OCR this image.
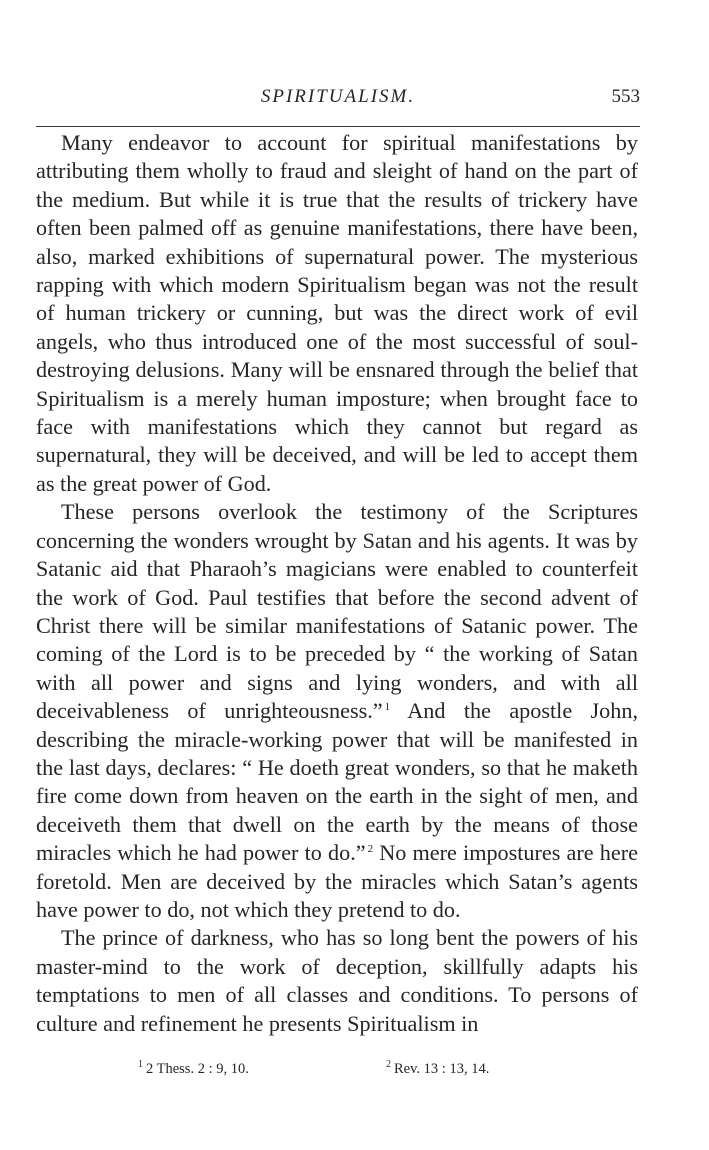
SPIRITUALISM.	553

Many endeavor to account for spiritual manifestations by attributing them wholly to fraud and sleight of hand on the part of the medium. But while it is true that the results of trickery have often been palmed off as genuine manifestations, there have been, also, marked exhibitions of supernatural power. The mysterious rapping with which modern Spiritualism began was not the result of human trickery or cunning, but was the direct work of evil angels, who thus introduced one of the most successful of soul-destroying delusions. Many will be ensnared through the belief that Spiritualism is a merely human imposture; when brought face to face with manifestations which they cannot but regard as supernatural, they will be deceived, and will be led to accept them as the great power of God.

These persons overlook the testimony of the Scriptures concerning the wonders wrought by Satan and his agents. It was by Satanic aid that Pharaoh’s magicians were enabled to counterfeit the work of God. Paul testifies that before the second advent of Christ there will be similar manifestations of Satanic power. The coming of the Lord is to be preceded by “ the working of Satan with all power and signs and lying wonders, and with all deceivableness of unrighteousness.” $^1$ And the apostle John, describing the miracle-working power that will be manifested in the last days, declares: “ He doeth great wonders, so that he maketh fire come down from heaven on the earth in the sight of men, and deceiveth them that dwell on the earth by the means of those miracles which he had power to do.” $^2$ No mere impostures are here foretold. Men are deceived by the miracles which Satan’s agents have power to do, not which they pretend to do.

The prince of darkness, who has so long bent the powers of his master-mind to the work of deception, skillfully adapts his temptations to men of all classes and conditions. To persons of culture and refinement he presents Spiritualism in

$^1$ 2 Thess. 2 : 9, 10.	$^2$ Rev. 13 : 13, 14.
